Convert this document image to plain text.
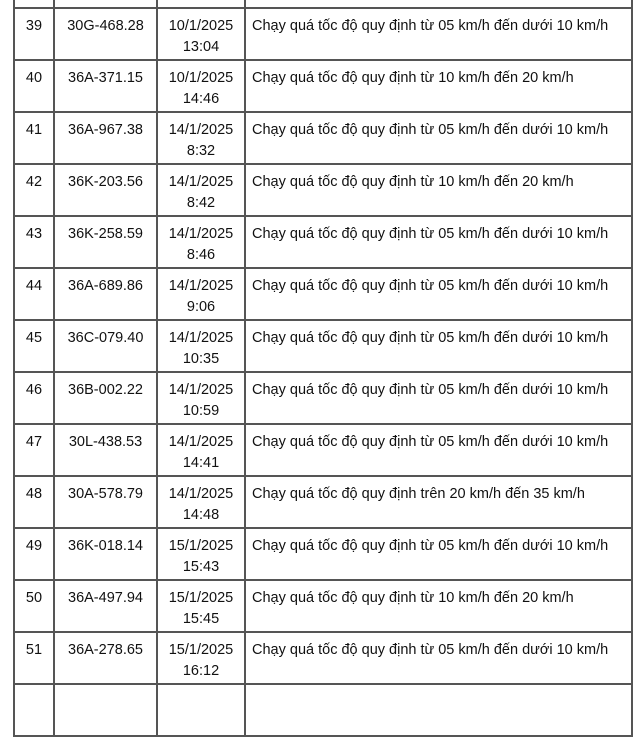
39	30G-468.28	10/1/2025
13:04	Chạy quá tốc độ quy định từ 05 km/h đến dưới 10 km/h
40	36A-371.15	10/1/2025
14:46	Chạy quá tốc độ quy định từ 10 km/h đến 20 km/h
41	36A-967.38	14/1/2025
8:32	Chạy quá tốc độ quy định từ 05 km/h đến dưới 10 km/h
42	36K-203.56	14/1/2025
8:42	Chạy quá tốc độ quy định từ 10 km/h đến 20 km/h
43	36K-258.59	14/1/2025
8:46	Chạy quá tốc độ quy định từ 05 km/h đến dưới 10 km/h
44	36A-689.86	14/1/2025
9:06	Chạy quá tốc độ quy định từ 05 km/h đến dưới 10 km/h
45	36C-079.40	14/1/2025
10:35	Chạy quá tốc độ quy định từ 05 km/h đến dưới 10 km/h
46	36B-002.22	14/1/2025
10:59	Chạy quá tốc độ quy định từ 05 km/h đến dưới 10 km/h
47	30L-438.53	14/1/2025
14:41	Chạy quá tốc độ quy định từ 05 km/h đến dưới 10 km/h
48	30A-578.79	14/1/2025
14:48	Chạy quá tốc độ quy định trên 20 km/h đến 35 km/h
49	36K-018.14	15/1/2025
15:43	Chạy quá tốc độ quy định từ 05 km/h đến dưới 10 km/h
50	36A-497.94	15/1/2025
15:45	Chạy quá tốc độ quy định từ 10 km/h đến 20 km/h
51	36A-278.65	15/1/2025
16:12	Chạy quá tốc độ quy định từ 05 km/h đến dưới 10 km/h
